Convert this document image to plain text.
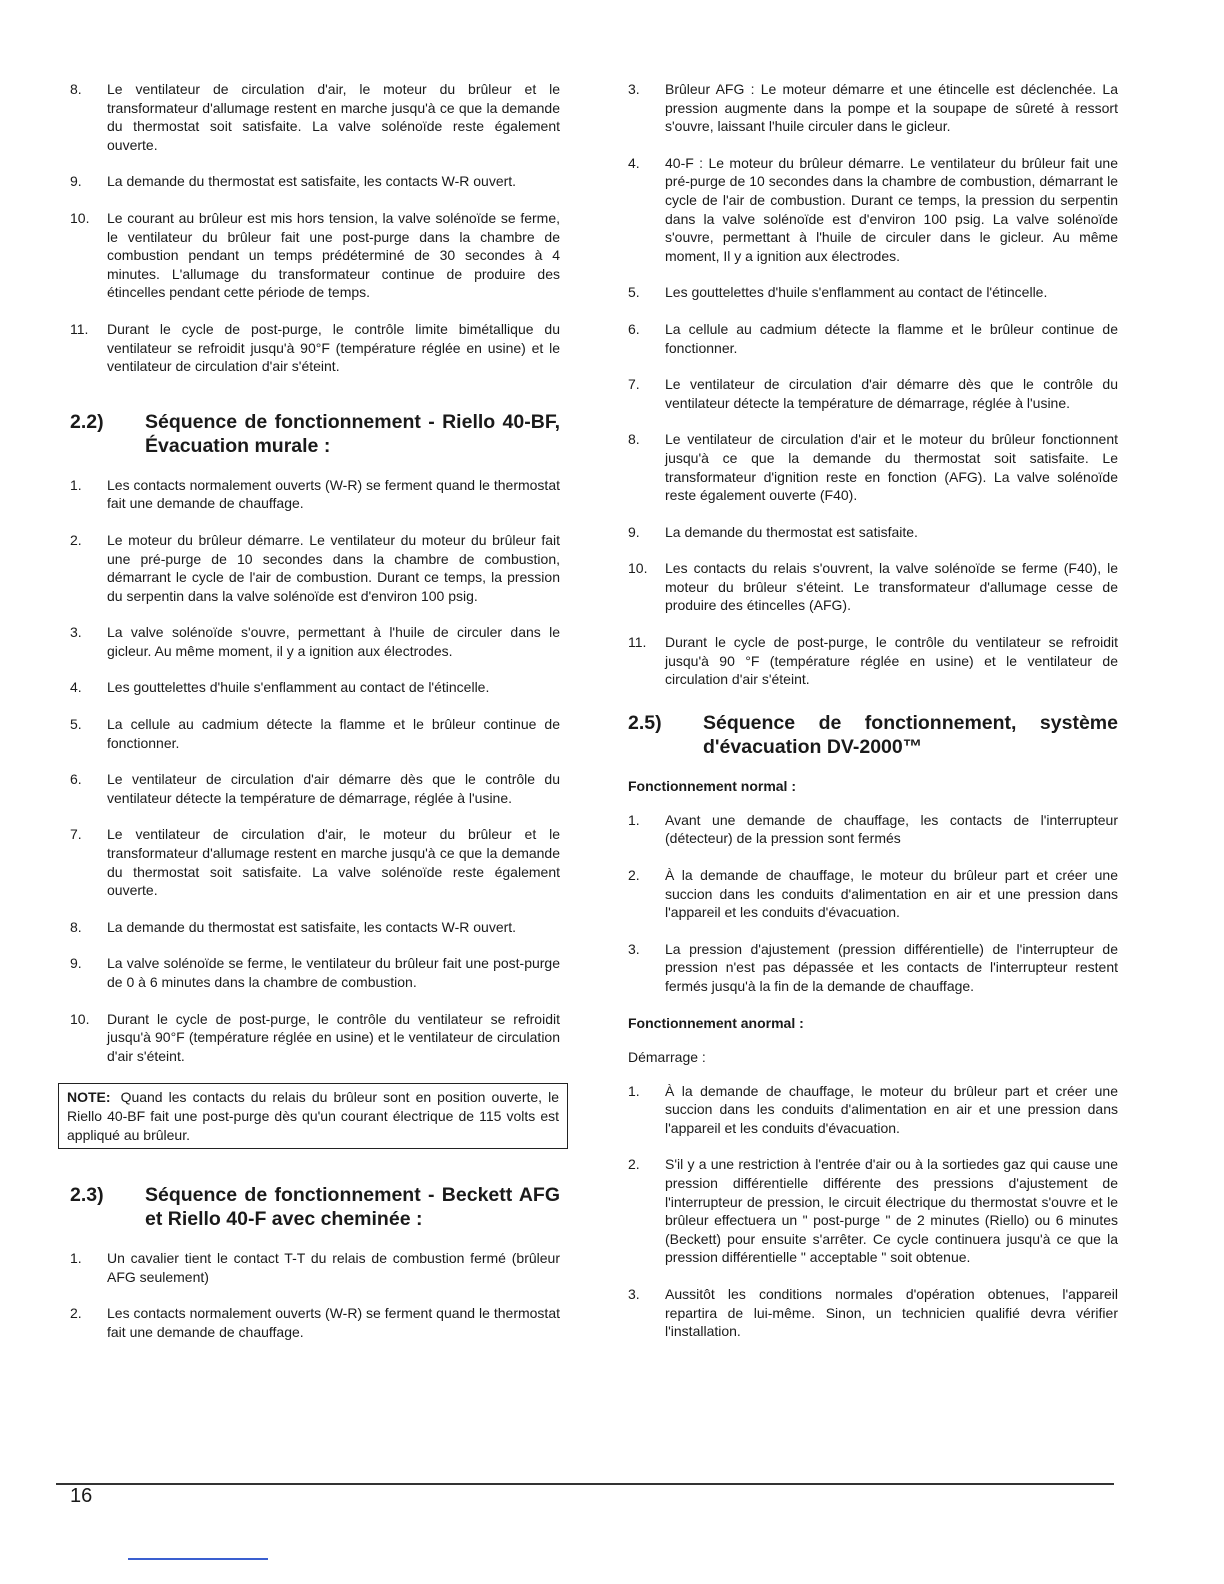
8.	Le ventilateur de circulation d'air, le moteur du brûleur et le transformateur d'allumage restent en marche jusqu'à ce que la demande du thermostat soit satisfaite. La valve solénoïde reste également ouverte.
9.	La demande du thermostat est satisfaite, les contacts W-R ouvert.
10.	Le courant au brûleur est mis hors tension, la valve solénoïde se ferme, le ventilateur du brûleur fait une post-purge dans la chambre de combustion pendant un temps prédéterminé de 30 secondes à 4 minutes. L'allumage du transformateur continue de produire des étincelles pendant cette période de temps.
11.	Durant le cycle de post-purge, le contrôle limite bimétallique du ventilateur se refroidit jusqu'à 90°F (température réglée en usine) et le ventilateur de circulation d'air s'éteint.
2.2)	Séquence de fonctionnement - Riello 40-BF, Évacuation murale :
1.	Les contacts normalement ouverts (W-R) se ferment quand le thermostat fait une demande de chauffage.
2.	Le moteur du brûleur démarre. Le ventilateur du moteur du brûleur fait une pré-purge de 10 secondes dans la chambre de combustion, démarrant le cycle de l'air de combustion. Durant ce temps, la pression du serpentin dans la valve solénoïde est d'environ 100 psig.
3.	La valve solénoïde s'ouvre, permettant à l'huile de circuler dans le gicleur. Au même moment, il y a ignition aux électrodes.
4.	Les gouttelettes d'huile s'enflamment au contact de l'étincelle.
5.	La cellule au cadmium détecte la flamme et le brûleur continue de fonctionner.
6.	Le ventilateur de circulation d'air démarre dès que le contrôle du ventilateur détecte la température de démarrage, réglée à l'usine.
7.	Le ventilateur de circulation d'air, le moteur du brûleur et le transformateur d'allumage restent en marche jusqu'à ce que la demande du thermostat soit satisfaite. La valve solénoïde reste également ouverte.
8.	La demande du thermostat est satisfaite, les contacts W-R ouvert.
9.	La valve solénoïde se ferme, le ventilateur du brûleur fait une post-purge de 0 à 6 minutes dans la chambre de combustion.
10.	Durant le cycle de post-purge, le contrôle du ventilateur se refroidit jusqu'à 90°F (température réglée en usine) et le ventilateur de circulation d'air s'éteint.
NOTE: Quand les contacts du relais du brûleur sont en position ouverte, le Riello 40-BF fait une post-purge dès qu'un courant électrique de 115 volts est appliqué au brûleur.
2.3)	Séquence de fonctionnement - Beckett AFG et Riello 40-F avec cheminée :
1.	Un cavalier tient le contact T-T du relais de combustion fermé (brûleur AFG seulement)
2.	Les contacts normalement ouverts (W-R) se ferment quand le thermostat fait une demande de chauffage.
3.	Brûleur AFG : Le moteur démarre et une étincelle est déclenchée. La pression augmente dans la pompe et la soupape de sûreté à ressort s'ouvre, laissant l'huile circuler dans le gicleur.
4.	40-F : Le moteur du brûleur démarre. Le ventilateur du brûleur fait une pré-purge de 10 secondes dans la chambre de combustion, démarrant le cycle de l'air de combustion. Durant ce temps, la pression du serpentin dans la valve solénoïde est d'environ 100 psig. La valve solénoïde s'ouvre, permettant à l'huile de circuler dans le gicleur. Au même moment, Il y a ignition aux électrodes.
5.	Les gouttelettes d'huile s'enflamment au contact de l'étincelle.
6.	La cellule au cadmium détecte la flamme et le brûleur continue de fonctionner.
7.	Le ventilateur de circulation d'air démarre dès que le contrôle du ventilateur détecte la température de démarrage, réglée à l'usine.
8.	Le ventilateur de circulation d'air et le moteur du brûleur fonctionnent jusqu'à ce que la demande du thermostat soit satisfaite. Le transformateur d'ignition reste en fonction (AFG). La valve solénoïde reste également ouverte (F40).
9.	La demande du thermostat est satisfaite.
10.	Les contacts du relais s'ouvrent, la valve solénoïde se ferme (F40), le moteur du brûleur s'éteint. Le transformateur d'allumage cesse de produire des étincelles (AFG).
11.	Durant le cycle de post-purge, le contrôle du ventilateur se refroidit jusqu'à 90 °F (température réglée en usine) et le ventilateur de circulation d'air s'éteint.
2.5)	Séquence de fonctionnement, système d'évacuation DV-2000™
Fonctionnement normal :
1.	Avant une demande de chauffage, les contacts de l'interrupteur (détecteur) de la pression sont fermés
2.	À la demande de chauffage, le moteur du brûleur part et créer une succion dans les conduits d'alimentation en air et une pression dans l'appareil et les conduits d'évacuation.
3.	La pression d'ajustement (pression différentielle) de l'interrupteur de pression n'est pas dépassée et les contacts de l'interrupteur restent fermés jusqu'à la fin de la demande de chauffage.
Fonctionnement anormal :
Démarrage :
1.	À la demande de chauffage, le moteur du brûleur part et créer une succion dans les conduits d'alimentation en air et une pression dans l'appareil et les conduits d'évacuation.
2.	S'il y a une restriction à l'entrée d'air ou à la sortiedes gaz qui cause une pression différentielle différente des pressions d'ajustement de l'interrupteur de pression, le circuit électrique du thermostat s'ouvre et le brûleur effectuera un " post-purge " de 2 minutes (Riello) ou 6 minutes (Beckett) pour ensuite s'arrêter. Ce cycle continuera jusqu'à ce que la pression différentielle " acceptable " soit obtenue.
3.	Aussitôt les conditions normales d'opération obtenues, l'appareil repartira de lui-même. Sinon, un technicien qualifié devra vérifier l'installation.
16
